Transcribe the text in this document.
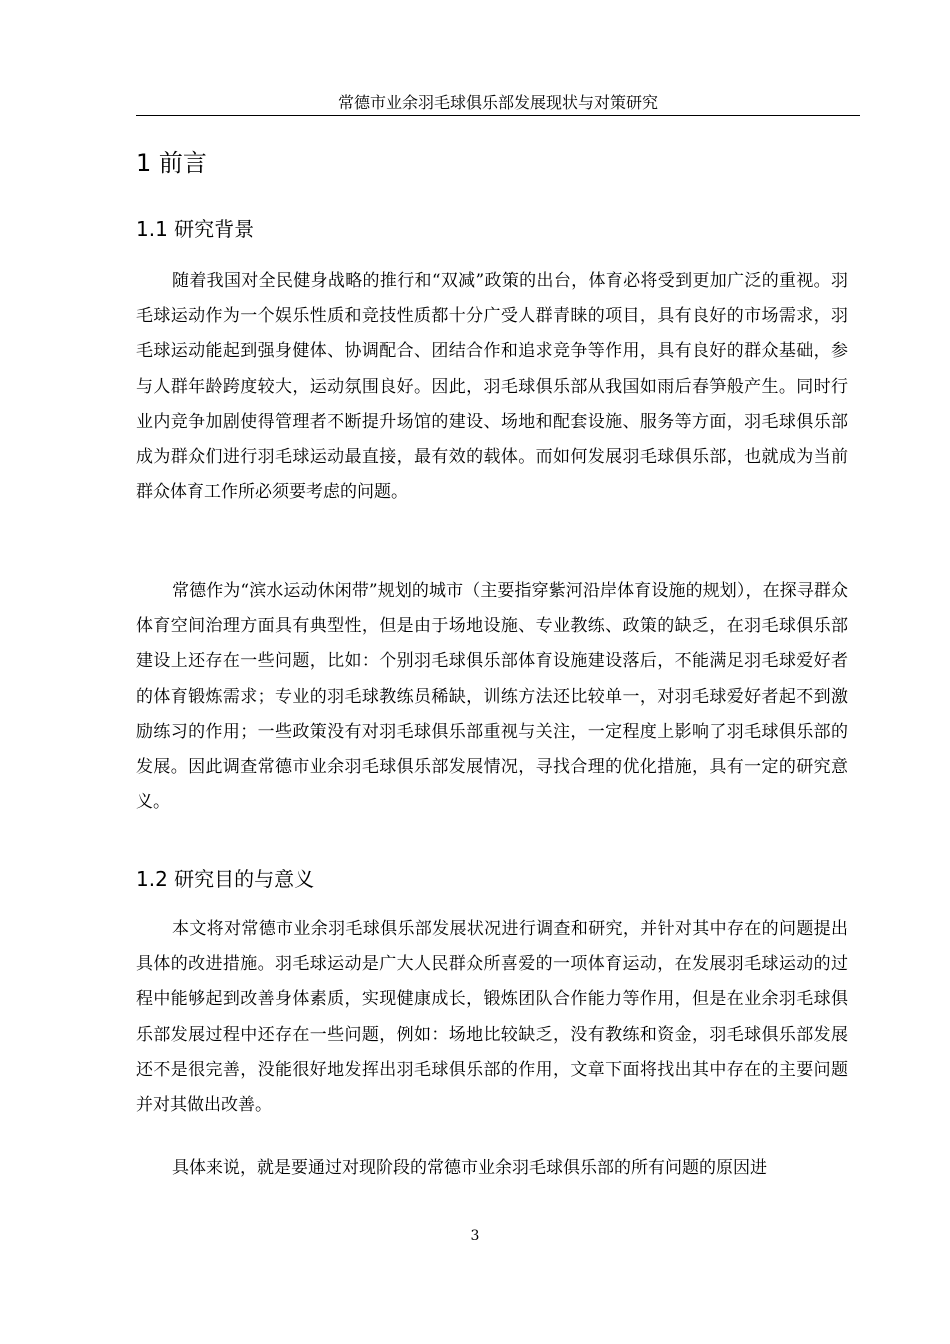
常德市业余羽毛球俱乐部发展现状与对策研究
1 前言
1.1 研究背景

随着我国对全民健身战略的推行和“双减”政策的出台，体育必将受到更加广泛的重视。羽毛球运动作为一个娱乐性质和竞技性质都十分广受人群青睐的项目，具有良好的市场需求，羽毛球运动能起到强身健体、协调配合、团结合作和追求竞争等作用，具有良好的群众基础，参与人群年龄跨度较大，运动氛围良好。因此，羽毛球俱乐部从我国如雨后春笋般产生。同时行业内竞争加剧使得管理者不断提升场馆的建设、场地和配套设施、服务等方面，羽毛球俱乐部成为群众们进行羽毛球运动最直接，最有效的载体。而如何发展羽毛球俱乐部，也就成为当前群众体育工作所必须要考虑的问题。

常德作为“滨水运动休闲带”规划的城市（主要指穿紫河沿岸体育设施的规划），在探寻群众体育空间治理方面具有典型性，但是由于场地设施、专业教练、政策的缺乏，在羽毛球俱乐部建设上还存在一些问题，比如：个别羽毛球俱乐部体育设施建设落后，不能满足羽毛球爱好者的体育锻炼需求；专业的羽毛球教练员稀缺，训练方法还比较单一，对羽毛球爱好者起不到激励练习的作用；一些政策没有对羽毛球俱乐部重视与关注，一定程度上影响了羽毛球俱乐部的发展。因此调查常德市业余羽毛球俱乐部发展情况，寻找合理的优化措施，具有一定的研究意义。

1.2 研究目的与意义

本文将对常德市业余羽毛球俱乐部发展状况进行调查和研究，并针对其中存在的问题提出具体的改进措施。羽毛球运动是广大人民群众所喜爱的一项体育运动，在发展羽毛球运动的过程中能够起到改善身体素质，实现健康成长，锻炼团队合作能力等作用，但是在业余羽毛球俱乐部发展过程中还存在一些问题，例如：场地比较缺乏，没有教练和资金，羽毛球俱乐部发展还不是很完善，没能很好地发挥出羽毛球俱乐部的作用，文章下面将找出其中存在的主要问题并对其做出改善。

具体来说，就是要通过对现阶段的常德市业余羽毛球俱乐部的所有问题的原因进

3
